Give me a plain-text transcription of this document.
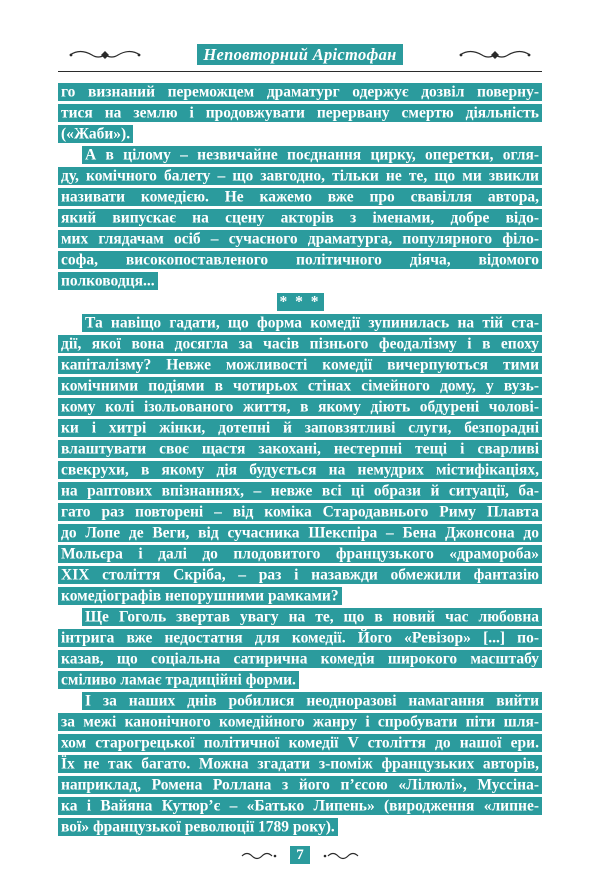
Неповторний Арістофан
го визнаний переможцем драматург одержує дозвіл поверну-
тися на землю і продовжувати перервану смертю діяльність
(«Жаби»).
А в цілому – незвичайне поєднання цирку, оперетки, огля-
ду, комічного балету – що завгодно, тільки не те, що ми звикли
називати комедією. Не кажемо вже про свавілля автора,
який випускає на сцену акторів з іменами, добре відо-
мих глядачам осіб – сучасного драматурга, популярного філо-
софа, високопоставленого політичного діяча, відомого
полководця...
* * *
Та навіщо гадати, що форма комедії зупинилась на тій ста-
дії, якої вона досягла за часів пізнього феодалізму і в епоху
капіталізму? Невже можливості комедії вичерпуються тими
комічними подіями в чотирьох стінах сімейного дому, у вузь-
кому колі ізольованого життя, в якому діють обдурені чолові-
ки і хитрі жінки, дотепні й заповзятливі слуги, безпорадні
влаштувати своє щастя закохані, нестерпні тещі і сварливі
свекрухи, в якому дія будується на немудрих містифікаціях,
на раптових впізнаннях, – невже всі ці образи й ситуації, ба-
гато раз повторені – від коміка Стародавнього Риму Плавта
до Лопе де Веги, від сучасника Шекспіра – Бена Джонсона до
Мольєра і далі до плодовитого французького «драмороба»
XIX століття Скріба, – раз і назавжди обмежили фантазію
комедіографів непорушними рамками?
Ще Гоголь звертав увагу на те, що в новий час любовна
інтрига вже недостатня для комедії. Його «Ревізор» [...] по-
казав, що соціальна сатирична комедія широкого масштабу
сміливо ламає традиційні форми.
І за наших днів робилися неодноразові намагання вийти
за межі канонічного комедійного жанру і спробувати піти шля-
хом старогрецької політичної комедії V століття до нашої ери.
Їх не так багато. Можна згадати з-поміж французьких авторів,
наприклад, Ромена Роллана з його п’єсою «Лілюлі», Муссіна-
ка і Вайяна Кутюр’є – «Батько Липень» (виродження «липне-
вої» французької революції 1789 року).
7
